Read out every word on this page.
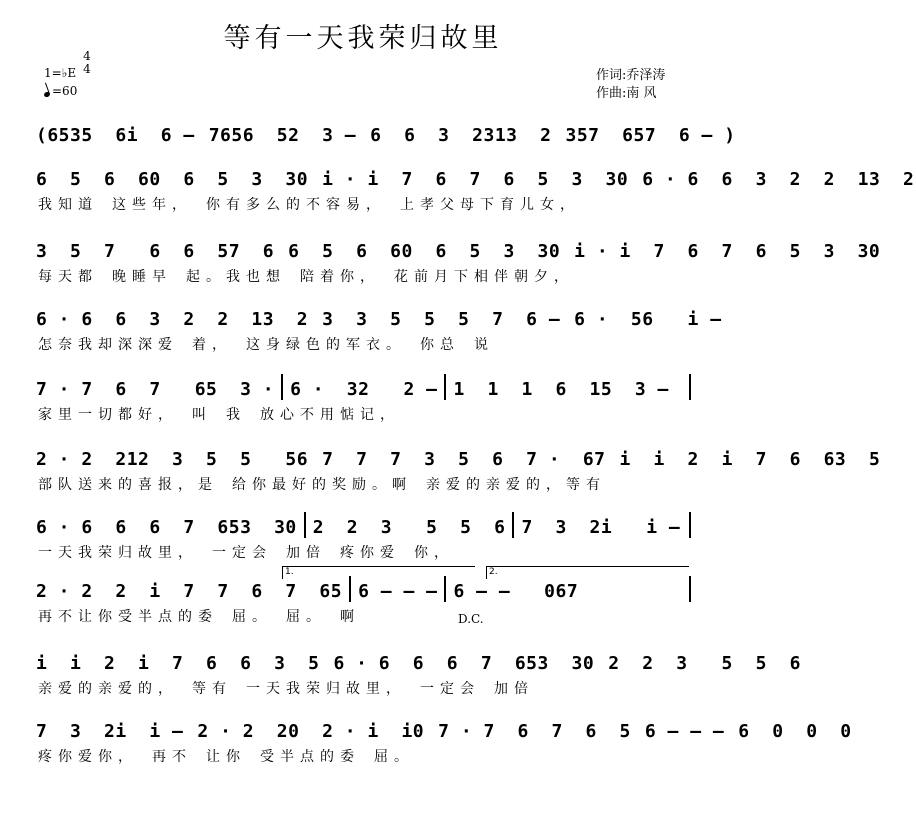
等有一天我荣归故里
1=♭E
4
4
=60
作词:乔泽涛
作曲:南 风
(6535  6i  6 – 7656  52  3 – 6  6  3  2313  2 357  657  6 – )
6  5  6  60  6  5  3  30 i · i  7  6  7  6  5  3  30 6 · 6  6  3  2  2  13  2
我知道 这些年， 你有多么的不容易， 上孝父母下育儿女，
3  5  7   6  6  57  6 6  5  6  60  6  5  3  30 i · i  7  6  7  6  5  3  30
每天都 晚睡早 起。我也想 陪着你， 花前月下相伴朝夕，
6 · 6  6  3  2  2  13  2 3  3  5  5  5  7  6 – 6 ·  56   i –
怎奈我却深深爱 着， 这身绿色的军衣。 你总 说
7 · 7  6  7   65  3 · 6 ·  32   2 – 1  1  1  6  15  3 –
家里一切都好， 叫 我 放心不用惦记，
2 · 2  212  3  5  5   56 7  7  7  3  5  6  7 ·  67 i  i  2  i  7  6  63  5
部队送来的喜报，是 给你最好的奖励。啊 亲爱的亲爱的，等有
6 · 6  6  6  7  653  30 2  2  3   5  5  6 7  3  2i   i –
一天我荣归故里， 一定会 加倍 疼你爱 你，
2 · 2  2  i  7  7  6  7  65 6 – – – 6 – –   067
再不让你受半点的委 屈。 屈。 啊
1.	2.
D.C.
i  i  2  i  7  6  6  3  5 6 · 6  6  6  7  653  30 2  2  3   5  5  6
亲爱的亲爱的， 等有 一天我荣归故里， 一定会 加倍
7  3  2i  i – 2 · 2  20  2 · i  i0 7 · 7  6  7  6  5 6 – – – 6  0  0  0
疼你爱你， 再不 让你 受半点的委 屈。
